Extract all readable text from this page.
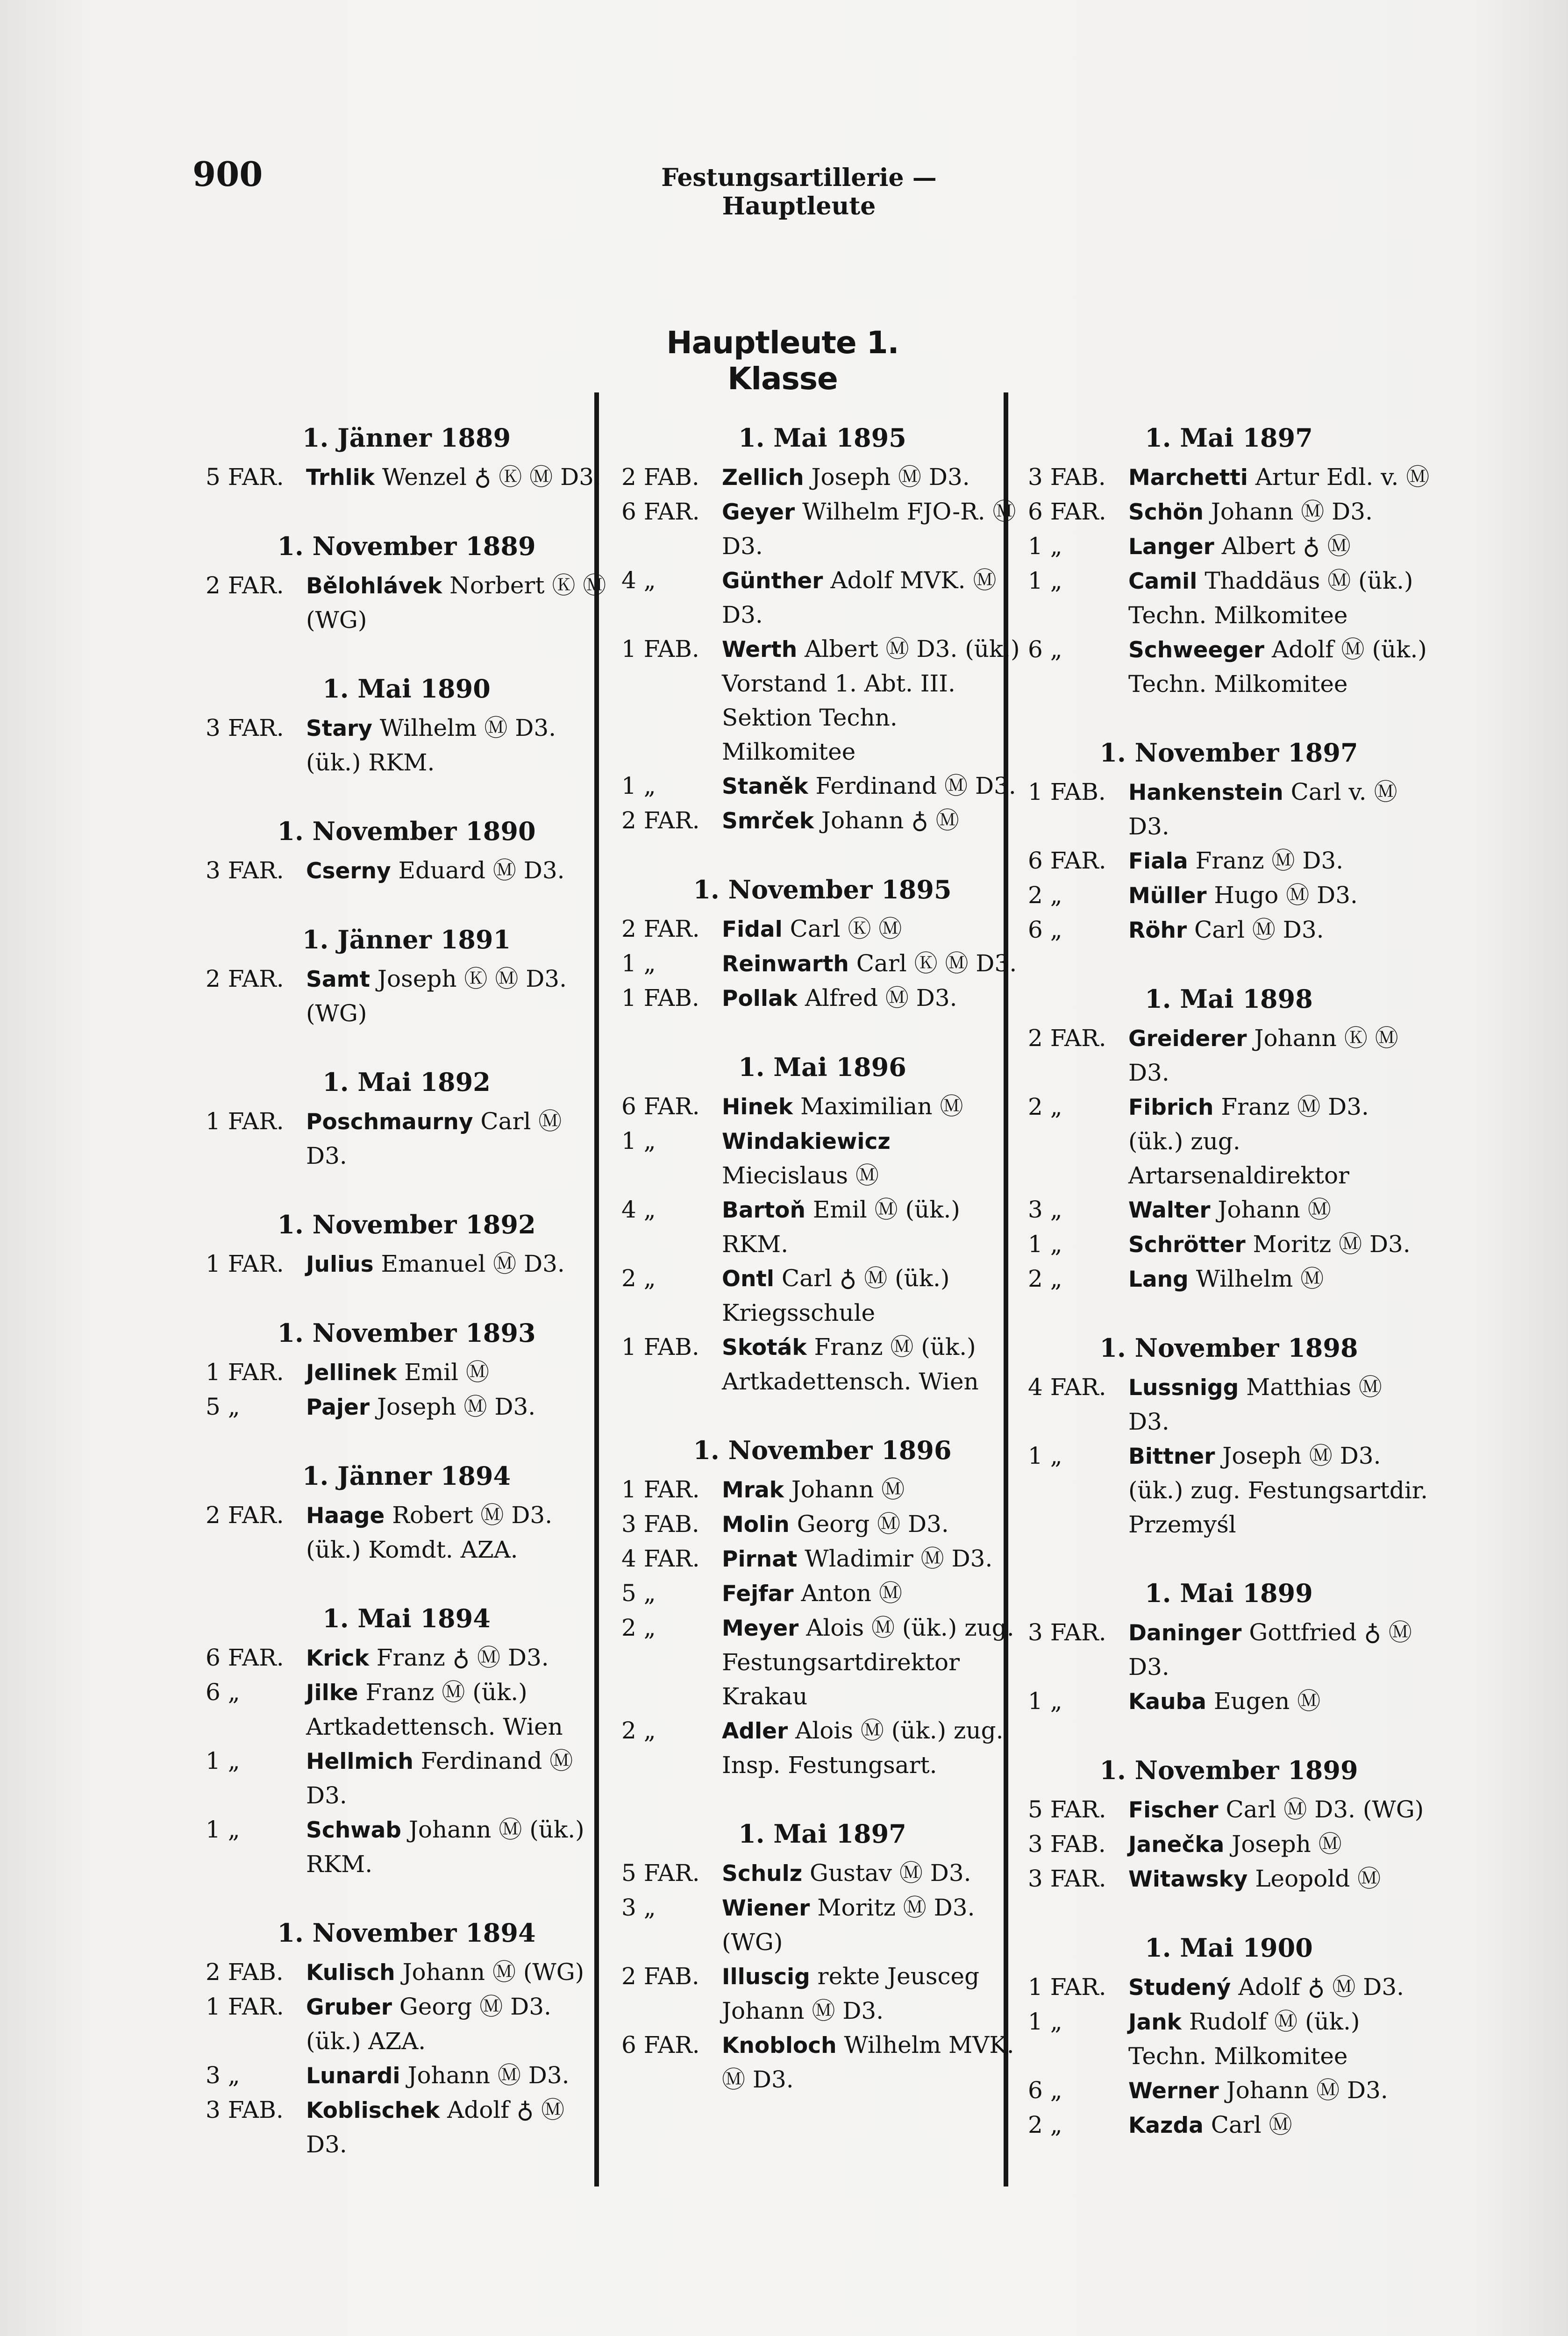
900	Festungsartillerie — Hauptleute
Hauptleute 1. Klasse
1. Jänner 1889
5 FAR.	Trhlik Wenzel ♁ Ⓚ Ⓜ D3.
1. November 1889
2 FAR.	Bělohlávek Norbert Ⓚ Ⓜ (WG)
1. Mai 1890
3 FAR.	Stary Wilhelm Ⓜ D3. (ük.) RKM.
1. November 1890
3 FAR.	Cserny Eduard Ⓜ D3.
1. Jänner 1891
2 FAR.	Samt Joseph Ⓚ Ⓜ D3. (WG)
1. Mai 1892
1 FAR.	Poschmaurny Carl Ⓜ D3.
1. November 1892
1 FAR.	Julius Emanuel Ⓜ D3.
1. November 1893
1 FAR.	Jellinek Emil Ⓜ
5 „	Pajer Joseph Ⓜ D3.
1. Jänner 1894
2 FAR.	Haage Robert Ⓜ D3. (ük.) Komdt. AZA.
1. Mai 1894
6 FAR.	Krick Franz ♁ Ⓜ D3.
6 „	Jilke Franz Ⓜ (ük.) Artkadettensch. Wien
1 „	Hellmich Ferdinand Ⓜ D3.
1 „	Schwab Johann Ⓜ (ük.) RKM.
1. November 1894
2 FAB.	Kulisch Johann Ⓜ (WG)
1 FAR.	Gruber Georg Ⓜ D3. (ük.) AZA.
3 „	Lunardi Johann Ⓜ D3.
3 FAB.	Koblischek Adolf ♁ Ⓜ D3.
1. Mai 1895
2 FAB.	Zellich Joseph Ⓜ D3.
6 FAR.	Geyer Wilhelm FJO-R. Ⓜ D3.
4 „	Günther Adolf MVK. Ⓜ D3.
1 FAB.	Werth Albert Ⓜ D3. (ük.) Vorstand 1. Abt. III. Sektion Techn. Milkomitee
1 „	Staněk Ferdinand Ⓜ D3.
2 FAR.	Smrček Johann ♁ Ⓜ
1. November 1895
2 FAR.	Fidal Carl Ⓚ Ⓜ
1 „	Reinwarth Carl Ⓚ Ⓜ D3.
1 FAB.	Pollak Alfred Ⓜ D3.
1. Mai 1896
6 FAR.	Hinek Maximilian Ⓜ
1 „	Windakiewicz Miecislaus Ⓜ
4 „	Bartoň Emil Ⓜ (ük.) RKM.
2 „	Ontl Carl ♁ Ⓜ (ük.) Kriegsschule
1 FAB.	Skoták Franz Ⓜ (ük.) Artkadettensch. Wien
1. November 1896
1 FAR.	Mrak Johann Ⓜ
3 FAB.	Molin Georg Ⓜ D3.
4 FAR.	Pirnat Wladimir Ⓜ D3.
5 „	Fejfar Anton Ⓜ
2 „	Meyer Alois Ⓜ (ük.) zug. Festungsartdirektor Krakau
2 „	Adler Alois Ⓜ (ük.) zug. Insp. Festungsart.
1. Mai 1897
5 FAR.	Schulz Gustav Ⓜ D3.
3 „	Wiener Moritz Ⓜ D3. (WG)
2 FAB.	Illuscig rekte Jeusceg Johann Ⓜ D3.
6 FAR.	Knobloch Wilhelm MVK. Ⓜ D3.
1. Mai 1897
3 FAB.	Marchetti Artur Edl. v. Ⓜ
6 FAR.	Schön Johann Ⓜ D3.
1 „	Langer Albert ♁ Ⓜ
1 „	Camil Thaddäus Ⓜ (ük.) Techn. Milkomitee
6 „	Schweeger Adolf Ⓜ (ük.) Techn. Milkomitee
1. November 1897
1 FAB.	Hankenstein Carl v. Ⓜ D3.
6 FAR.	Fiala Franz Ⓜ D3.
2 „	Müller Hugo Ⓜ D3.
6 „	Röhr Carl Ⓜ D3.
1. Mai 1898
2 FAR.	Greiderer Johann Ⓚ Ⓜ D3.
2 „	Fibrich Franz Ⓜ D3. (ük.) zug. Artarsenaldirektor
3 „	Walter Johann Ⓜ
1 „	Schrötter Moritz Ⓜ D3.
2 „	Lang Wilhelm Ⓜ
1. November 1898
4 FAR.	Lussnigg Matthias Ⓜ D3.
1 „	Bittner Joseph Ⓜ D3. (ük.) zug. Festungsartdir. Przemyśl
1. Mai 1899
3 FAR.	Daninger Gottfried ♁ Ⓜ D3.
1 „	Kauba Eugen Ⓜ
1. November 1899
5 FAR.	Fischer Carl Ⓜ D3. (WG)
3 FAB.	Janečka Joseph Ⓜ
3 FAR.	Witawsky Leopold Ⓜ
1. Mai 1900
1 FAR.	Studený Adolf ♁ Ⓜ D3.
1 „	Jank Rudolf Ⓜ (ük.) Techn. Milkomitee
6 „	Werner Johann Ⓜ D3.
2 „	Kazda Carl Ⓜ
